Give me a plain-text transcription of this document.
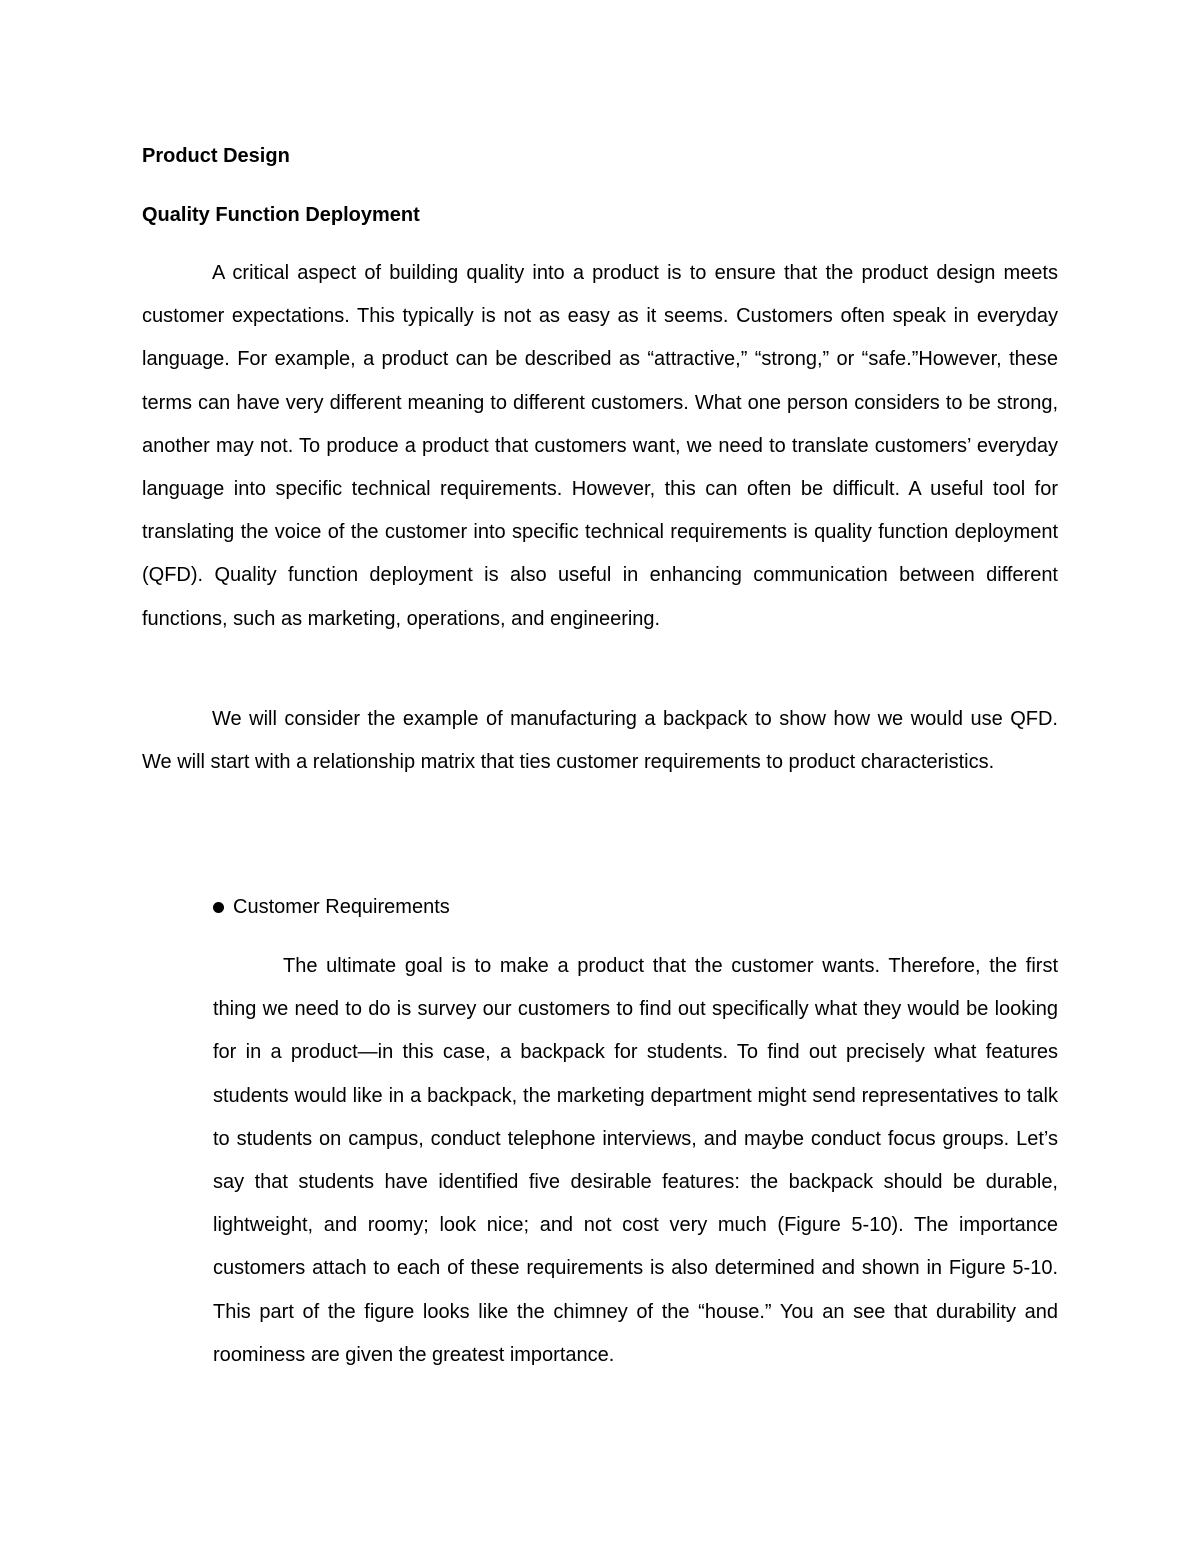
Product Design

Quality Function Deployment

A critical aspect of building quality into a product is to ensure that the product design meets customer expectations. This typically is not as easy as it seems. Customers often speak in everyday language. For example, a product can be described as “attractive,” “strong,” or “safe.”However, these terms can have very different meaning to different customers. What one person considers to be strong, another may not. To produce a product that customers want, we need to translate customers’ everyday language into specific technical requirements. However, this can often be difficult. A useful tool for translating the voice of the customer into specific technical requirements is quality function deployment (QFD). Quality function deployment is also useful in enhancing communication between different functions, such as marketing, operations, and engineering.

We will consider the example of manufacturing a backpack to show how we would use QFD. We will start with a relationship matrix that ties customer requirements to product characteristics.

Customer Requirements

The ultimate goal is to make a product that the customer wants. Therefore, the first thing we need to do is survey our customers to find out specifically what they would be looking for in a product—in this case, a backpack for students. To find out precisely what features students would like in a backpack, the marketing department might send representatives to talk to students on campus, conduct telephone interviews, and maybe conduct focus groups. Let’s say that students have identified five desirable features: the backpack should be durable, lightweight, and roomy; look nice; and not cost very much (Figure 5-10). The importance customers attach to each of these requirements is also determined and shown in Figure 5-10. This part of the figure looks like the chimney of the “house.” You an see that durability and roominess are given the greatest importance.
